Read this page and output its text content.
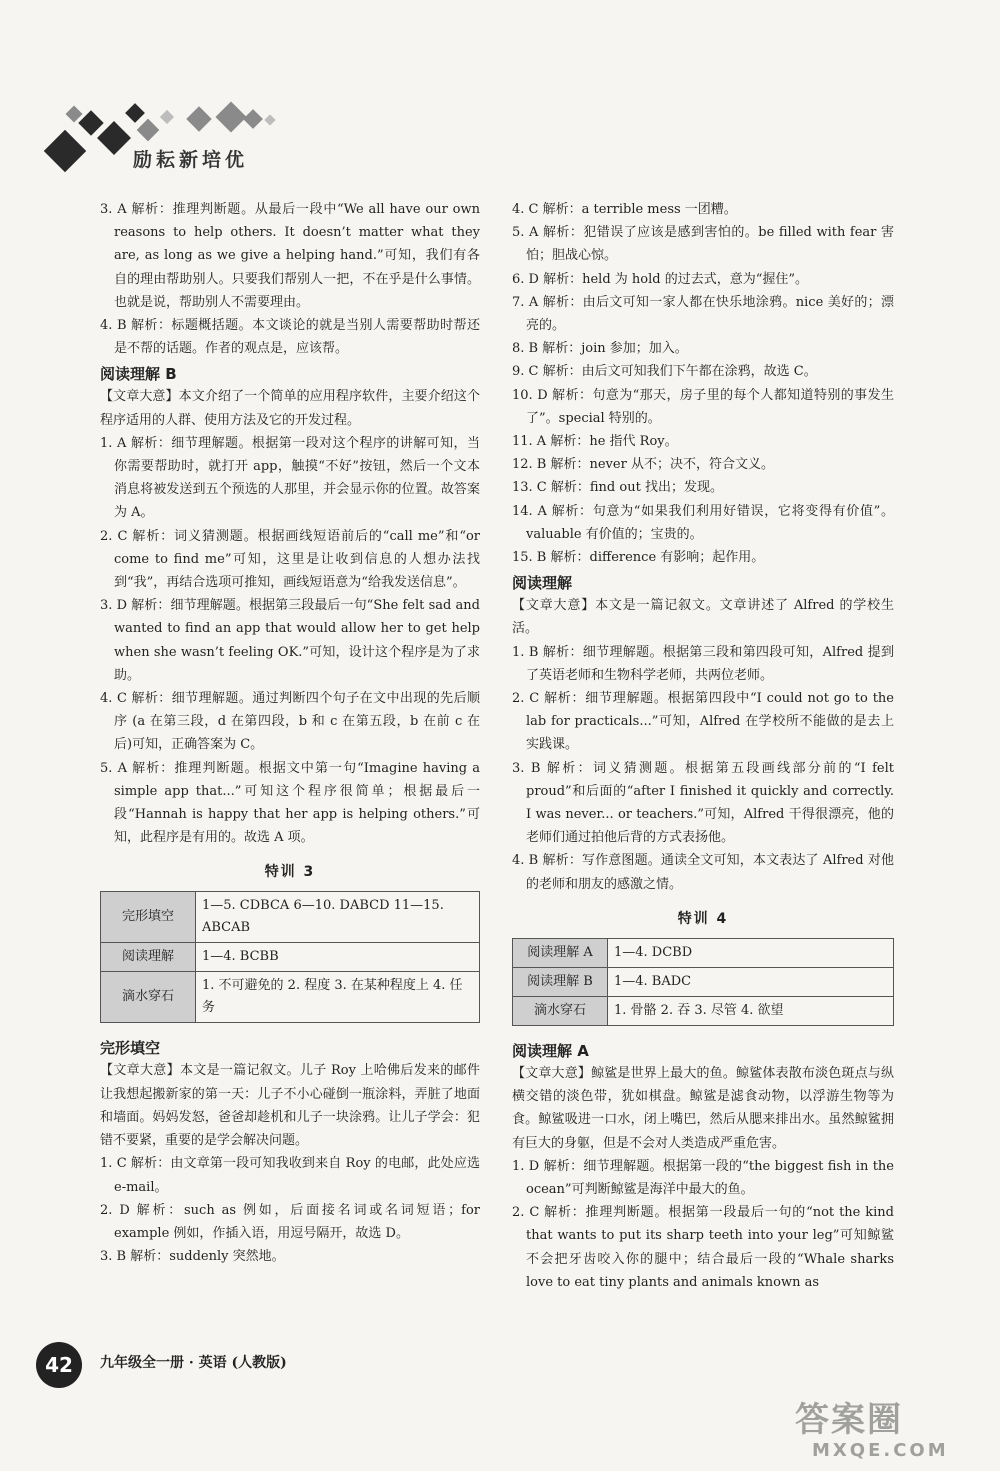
励耘新培优

3. A 解析：推理判断题。从最后一段中“We all have our own reasons to help others. It doesn’t matter what they are, as long as we give a helping hand.”可知，我们有各自的理由帮助别人。只要我们帮别人一把，不在乎是什么事情。也就是说，帮助别人不需要理由。

4. B 解析：标题概括题。本文谈论的就是当别人需要帮助时帮还是不帮的话题。作者的观点是，应该帮。

阅读理解 B

【文章大意】本文介绍了一个简单的应用程序软件，主要介绍这个程序适用的人群、使用方法及它的开发过程。

1. A 解析：细节理解题。根据第一段对这个程序的讲解可知，当你需要帮助时，就打开 app，触摸“不好”按钮，然后一个文本消息将被发送到五个预选的人那里，并会显示你的位置。故答案为 A。

2. C 解析：词义猜测题。根据画线短语前后的“call me”和“or come to find me”可知，这里是让收到信息的人想办法找到“我”，再结合选项可推知，画线短语意为“给我发送信息”。

3. D 解析：细节理解题。根据第三段最后一句“She felt sad and wanted to find an app that would allow her to get help when she wasn’t feeling OK.”可知，设计这个程序是为了求助。

4. C 解析：细节理解题。通过判断四个句子在文中出现的先后顺序 (a 在第三段，d 在第四段，b 和 c 在第五段，b 在前 c 在后)可知，正确答案为 C。

5. A 解析：推理判断题。根据文中第一句“Imagine having a simple app that...”可知这个程序很简单；根据最后一段“Hannah is happy that her app is helping others.”可知，此程序是有用的。故选 A 项。

特训 3
完形填空	1—5. CDBCA 6—10. DABCD 11—15. ABCAB
阅读理解	1—4. BCBB
滴水穿石	1. 不可避免的 2. 程度 3. 在某种程度上 4. 任务
完形填空

【文章大意】本文是一篇记叙文。儿子 Roy 上哈佛后发来的邮件让我想起搬新家的第一天：儿子不小心碰倒一瓶涂料，弄脏了地面和墙面。妈妈发怒，爸爸却趁机和儿子一块涂鸦。让儿子学会：犯错不要紧，重要的是学会解决问题。

1. C 解析：由文章第一段可知我收到来自 Roy 的电邮，此处应选 e-mail。

2. D 解析：such as 例如，后面接名词或名词短语；for example 例如，作插入语，用逗号隔开，故选 D。

3. B 解析：suddenly 突然地。

4. C 解析：a terrible mess 一团糟。

5. A 解析：犯错误了应该是感到害怕的。be filled with fear 害怕；胆战心惊。

6. D 解析：held 为 hold 的过去式，意为“握住”。

7. A 解析：由后文可知一家人都在快乐地涂鸦。nice 美好的；漂亮的。

8. B 解析：join 参加；加入。

9. C 解析：由后文可知我们下午都在涂鸦，故选 C。

10. D 解析：句意为“那天，房子里的每个人都知道特别的事发生了”。special 特别的。

11. A 解析：he 指代 Roy。

12. B 解析：never 从不；决不，符合文义。

13. C 解析：find out 找出；发现。

14. A 解析：句意为“如果我们利用好错误，它将变得有价值”。valuable 有价值的；宝贵的。

15. B 解析：difference 有影响；起作用。

阅读理解

【文章大意】本文是一篇记叙文。文章讲述了 Alfred 的学校生活。

1. B 解析：细节理解题。根据第三段和第四段可知，Alfred 提到了英语老师和生物科学老师，共两位老师。

2. C 解析：细节理解题。根据第四段中“I could not go to the lab for practicals...”可知，Alfred 在学校所不能做的是去上实践课。

3. B 解析：词义猜测题。根据第五段画线部分前的“I felt proud”和后面的“after I finished it quickly and correctly. I was never... or teachers.”可知，Alfred 干得很漂亮，他的老师们通过拍他后背的方式表扬他。

4. B 解析：写作意图题。通读全文可知，本文表达了 Alfred 对他的老师和朋友的感激之情。

特训 4
阅读理解 A	1—4. DCBD
阅读理解 B	1—4. BADC
滴水穿石	1. 骨骼 2. 吞 3. 尽管 4. 欲望
阅读理解 A

【文章大意】鲸鲨是世界上最大的鱼。鲸鲨体表散布淡色斑点与纵横交错的淡色带，犹如棋盘。鲸鲨是滤食动物，以浮游生物等为食。鲸鲨吸进一口水，闭上嘴巴，然后从腮来排出水。虽然鲸鲨拥有巨大的身躯，但是不会对人类造成严重危害。

1. D 解析：细节理解题。根据第一段的“the biggest fish in the ocean”可判断鲸鲨是海洋中最大的鱼。

2. C 解析：推理判断题。根据第一段最后一句的“not the kind that wants to put its sharp teeth into your leg”可知鲸鲨不会把牙齿咬入你的腿中；结合最后一段的“Whale sharks love to eat tiny plants and animals known as

42	九年级全一册 · 英语 (人教版)
答案圈
MXQE.COM
